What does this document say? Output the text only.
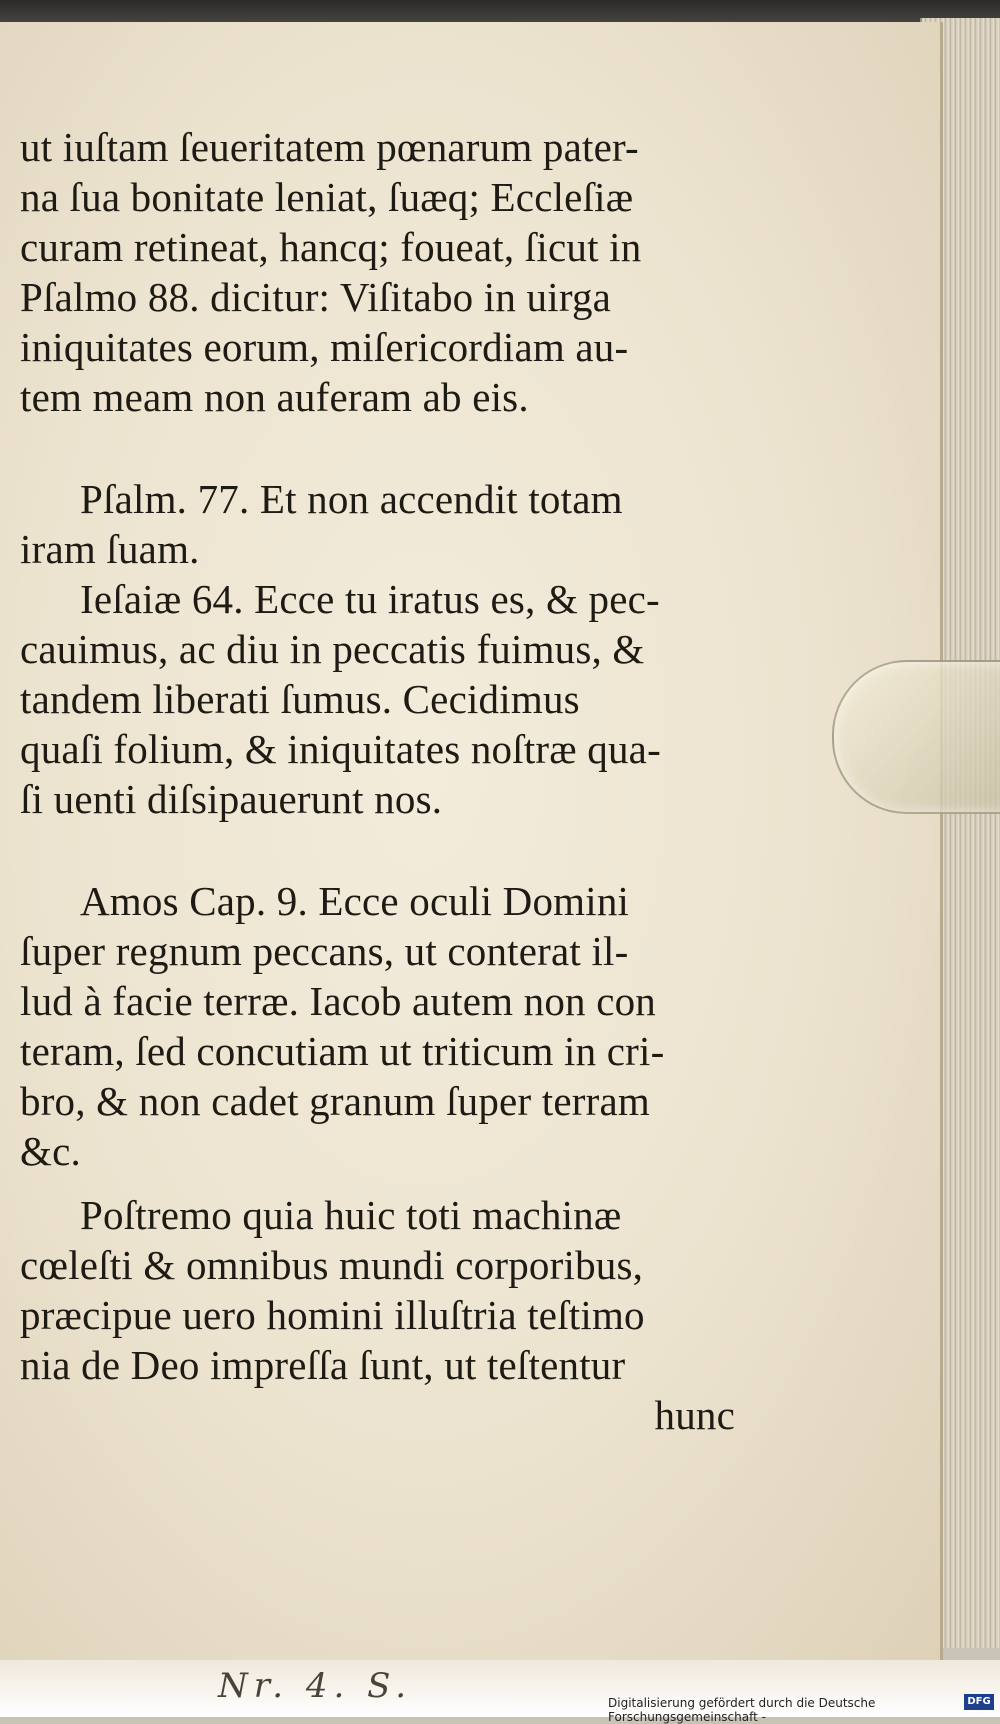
ut iuſtam ſeueritatem pœnarum pater-
na ſua bonitate leniat, ſuæq; Eccleſiæ
curam retineat, hancq; foueat, ſicut in
Pſalmo 88. dicitur: Viſitabo in uirga
iniquitates eorum, miſericordiam au-
tem meam non auferam ab eis.
Pſalm. 77. Et non accendit totam
iram ſuam.
Ieſaiæ 64. Ecce tu iratus es, & pec-
cauimus, ac diu in peccatis fuimus, &
tandem liberati ſumus. Cecidimus
quaſi folium, & iniquitates noſtræ qua-
ſi uenti diſsipauerunt nos.
Amos Cap. 9. Ecce oculi Domini
ſuper regnum peccans, ut conterat il-
lud à facie terræ. Iacob autem non con
teram, ſed concutiam ut triticum in cri-
bro, & non cadet granum ſuper terram
&c.
Poſtremo quia huic toti machinæ
cœleſti & omnibus mundi corporibus,
præcipue uero homini illuſtria teſtimo
nia de Deo impreſſa ſunt, ut teſtentur
hunc
Nr. 4. S.	Digitalisierung gefördert durch die Deutsche Forschungsgemeinschaft -
DFG
